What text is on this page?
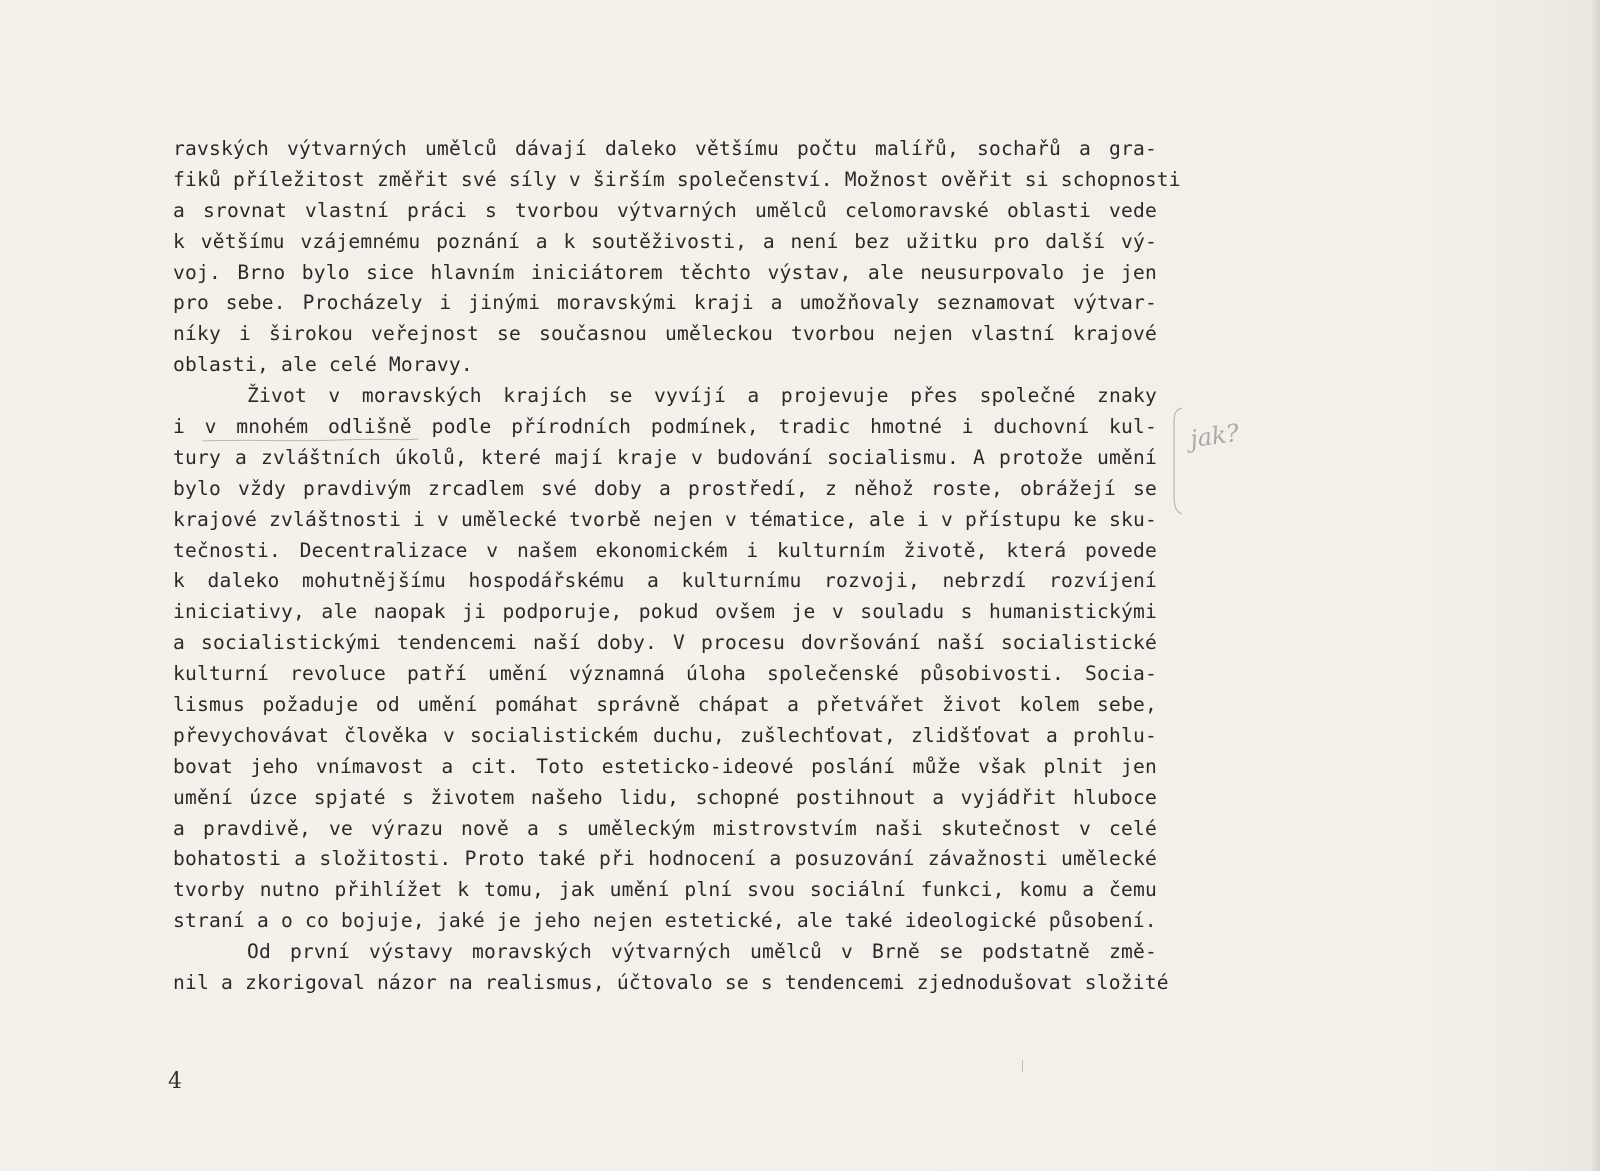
ravských výtvarných umělců dávají daleko většímu počtu malířů, sochařů a gra-
fiků příležitost změřit své síly v širším společenství. Možnost ověřit si schopnosti
a srovnat vlastní práci s tvorbou výtvarných umělců celomoravské oblasti vede
k většímu vzájemnému poznání a k soutěživosti, a není bez užitku pro další vý-
voj. Brno bylo sice hlavním iniciátorem těchto výstav, ale neusurpovalo je jen
pro sebe. Procházely i jinými moravskými kraji a umožňovaly seznamovat výtvar-
níky i širokou veřejnost se současnou uměleckou tvorbou nejen vlastní krajové
oblasti, ale celé Moravy.
Život v moravských krajích se vyvíjí a projevuje přes společné znaky
i v mnohém odlišně podle přírodních podmínek, tradic hmotné i duchovní kul-
tury a zvláštních úkolů, které mají kraje v budování socialismu. A protože umění
bylo vždy pravdivým zrcadlem své doby a prostředí, z něhož roste, obrážejí se
krajové zvláštnosti i v umělecké tvorbě nejen v tématice, ale i v přístupu ke sku-
tečnosti. Decentralizace v našem ekonomickém i kulturním životě, která povede
k daleko mohutnějšímu hospodářskému a kulturnímu rozvoji, nebrzdí rozvíjení
iniciativy, ale naopak ji podporuje, pokud ovšem je v souladu s humanistickými
a socialistickými tendencemi naší doby. V procesu dovršování naší socialistické
kulturní revoluce patří umění významná úloha společenské působivosti. Socia-
lismus požaduje od umění pomáhat správně chápat a přetvářet život kolem sebe,
převychovávat člověka v socialistickém duchu, zušlechťovat, zlidšťovat a prohlu-
bovat jeho vnímavost a cit. Toto esteticko-ideové poslání může však plnit jen
umění úzce spjaté s životem našeho lidu, schopné postihnout a vyjádřit hluboce
a pravdivě, ve výrazu nově a s uměleckým mistrovstvím naši skutečnost v celé
bohatosti a složitosti. Proto také při hodnocení a posuzování závažnosti umělecké
tvorby nutno přihlížet k tomu, jak umění plní svou sociální funkci, komu a čemu
straní a o co bojuje, jaké je jeho nejen estetické, ale také ideologické působení.
Od první výstavy moravských výtvarných umělců v Brně se podstatně změ-
nil a zkorigoval názor na realismus, účtovalo se s tendencemi zjednodušovat složité
jak?
4
